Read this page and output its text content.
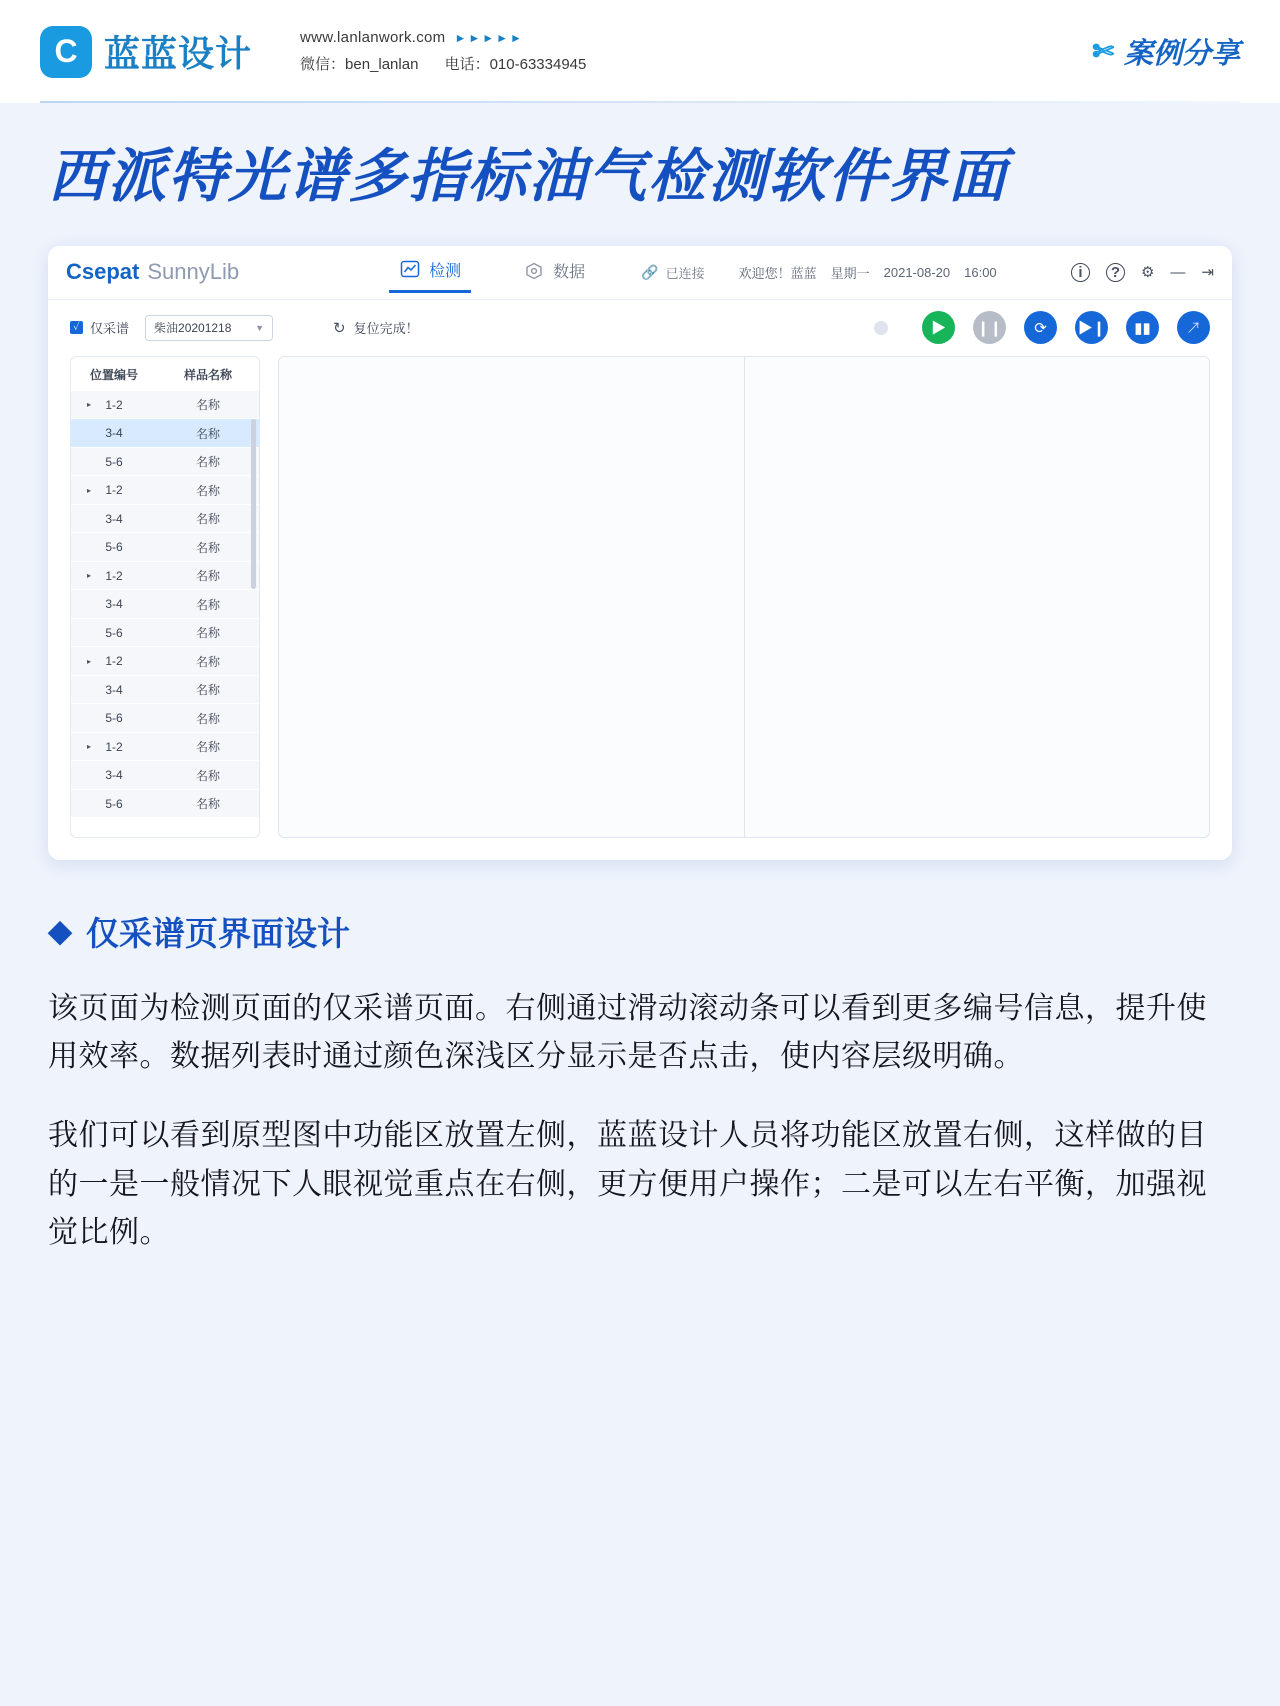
C 蓝蓝设计	www.lanlanwork.com ►►►►►
微信：ben_lanlan 电话：010-63334945	✄ 案例分享
西派特光谱多指标油气检测软件界面
Csepat SunnyLib	检测	数据	🔗 已连接	欢迎您！蓝蓝 星期一 2021-08-20 16:00	i	?	⚙ — ⇥
✓ 仅采谱 柴油20201218	▼	↻ 复位完成！	▶	❙❙	⟳	▶❙	▮▮	↗
位置编号	样品名称
▸ 1-2	名称
3-4	名称
5-6	名称
▸ 1-2	名称
3-4	名称
5-6	名称
▸ 1-2	名称
3-4	名称
5-6	名称
▸ 1-2	名称
3-4	名称
5-6	名称
▸ 1-2	名称
3-4	名称
5-6	名称
◆ 仅采谱页界面设计
该页面为检测页面的仅采谱页面。右侧通过滑动滚动条可以看到更多编号信息，提升使用效率。数据列表时通过颜色深浅区分显示是否点击，使内容层级明确。
我们可以看到原型图中功能区放置左侧，蓝蓝设计人员将功能区放置右侧，这样做的目的一是一般情况下人眼视觉重点在右侧，更方便用户操作；二是可以左右平衡，加强视觉比例。
